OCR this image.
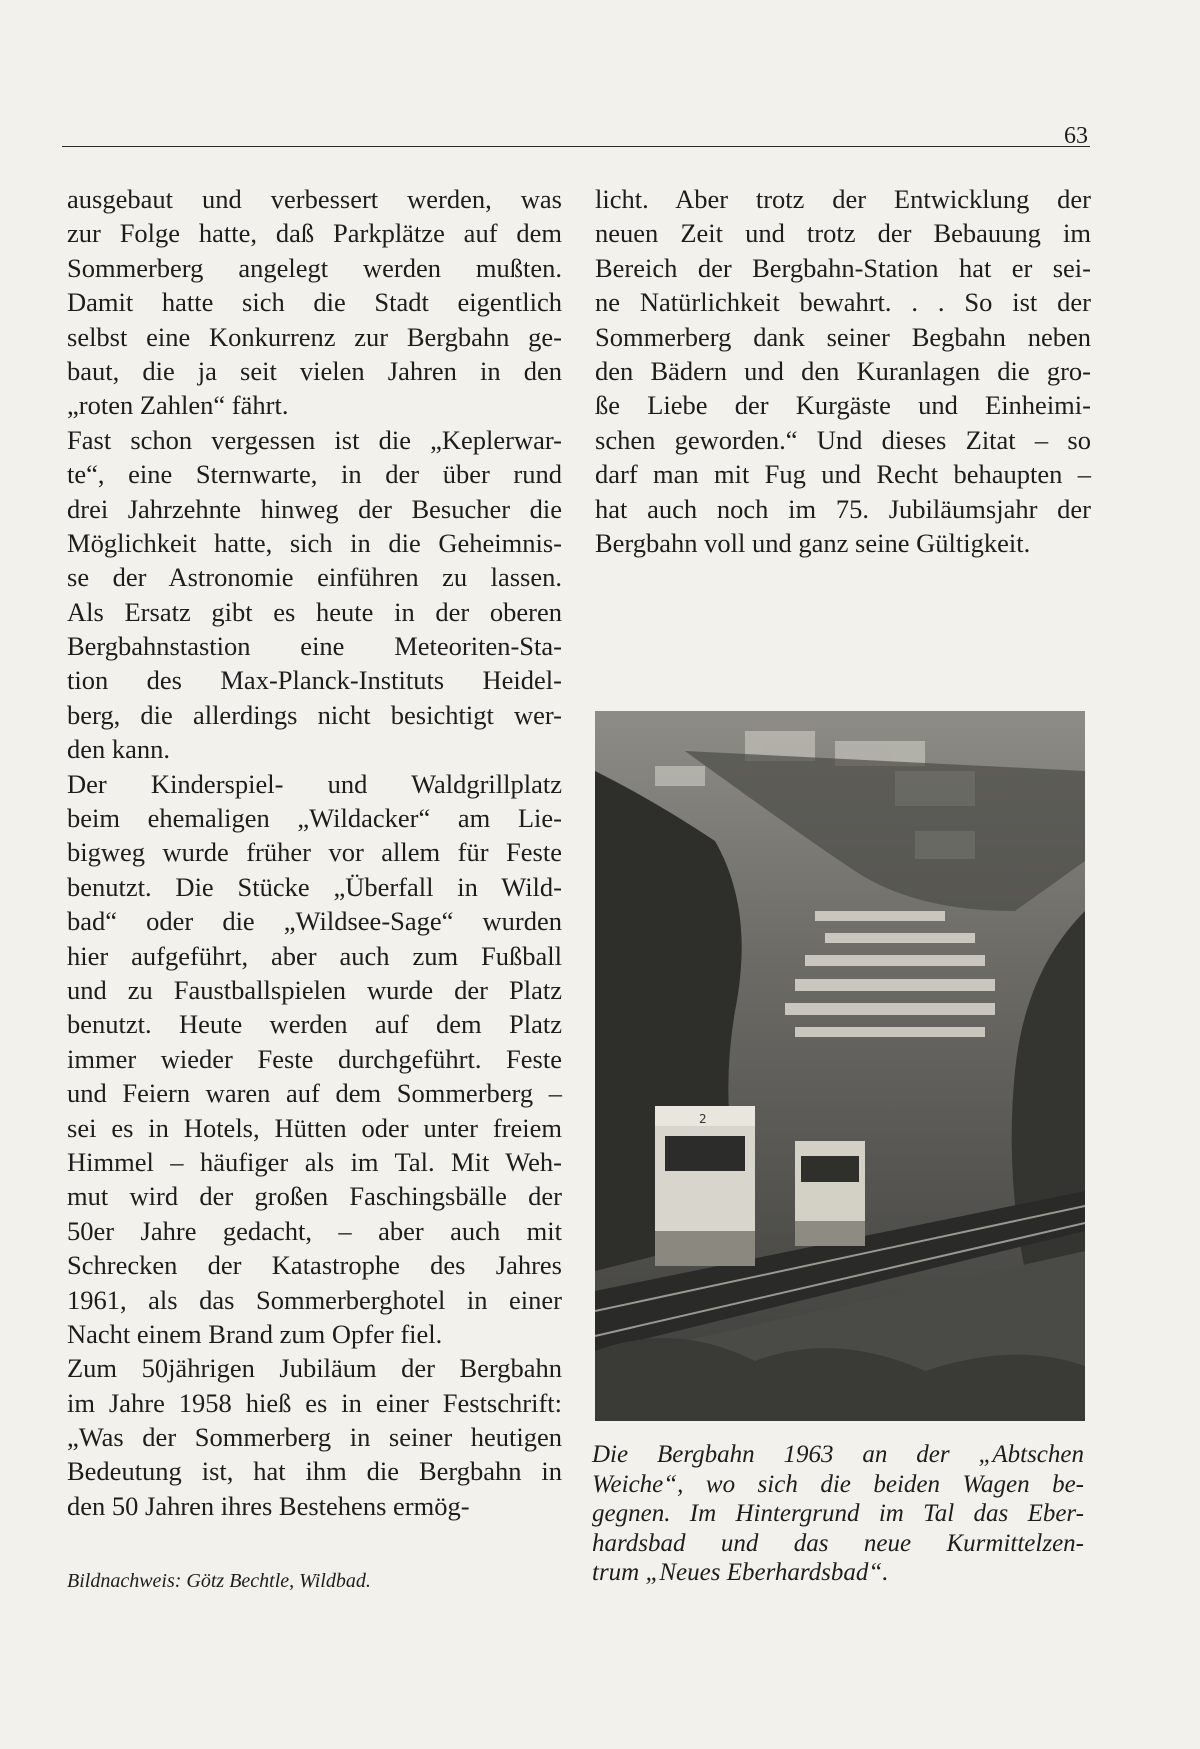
63
ausgebaut und verbessert werden, was
zur Folge hatte, daß Parkplätze auf dem
Sommerberg angelegt werden mußten.
Damit hatte sich die Stadt eigentlich
selbst eine Konkurrenz zur Bergbahn ge-
baut, die ja seit vielen Jahren in den
„roten Zahlen“ fährt.
Fast schon vergessen ist die „Keplerwar-
te“, eine Sternwarte, in der über rund
drei Jahrzehnte hinweg der Besucher die
Möglichkeit hatte, sich in die Geheimnis-
se der Astronomie einführen zu lassen.
Als Ersatz gibt es heute in der oberen
Bergbahnstastion eine Meteoriten-Sta-
tion des Max-Planck-Instituts Heidel-
berg, die allerdings nicht besichtigt wer-
den kann.
Der Kinderspiel- und Waldgrillplatz
beim ehemaligen „Wildacker“ am Lie-
bigweg wurde früher vor allem für Feste
benutzt. Die Stücke „Überfall in Wild-
bad“ oder die „Wildsee-Sage“ wurden
hier aufgeführt, aber auch zum Fußball
und zu Faustballspielen wurde der Platz
benutzt. Heute werden auf dem Platz
immer wieder Feste durchgeführt. Feste
und Feiern waren auf dem Sommerberg –
sei es in Hotels, Hütten oder unter freiem
Himmel – häufiger als im Tal. Mit Weh-
mut wird der großen Faschingsbälle der
50er Jahre gedacht, – aber auch mit
Schrecken der Katastrophe des Jahres
1961, als das Sommerberghotel in einer
Nacht einem Brand zum Opfer fiel.
Zum 50jährigen Jubiläum der Bergbahn
im Jahre 1958 hieß es in einer Festschrift:
„Was der Sommerberg in seiner heutigen
Bedeutung ist, hat ihm die Bergbahn in
den 50 Jahren ihres Bestehens ermög-
licht. Aber trotz der Entwicklung der
neuen Zeit und trotz der Bebauung im
Bereich der Bergbahn-Station hat er sei-
ne Natürlichkeit bewahrt. . . So ist der
Sommerberg dank seiner Begbahn neben
den Bädern und den Kuranlagen die gro-
ße Liebe der Kurgäste und Einheimi-
schen geworden.“ Und dieses Zitat – so
darf man mit Fug und Recht behaupten –
hat auch noch im 75. Jubiläumsjahr der
Bergbahn voll und ganz seine Gültigkeit.
2
Die Bergbahn 1963 an der „Abtschen
Weiche“, wo sich die beiden Wagen be-
gegnen. Im Hintergrund im Tal das Eber-
hardsbad und das neue Kurmittelzen-
trum „Neues Eberhardsbad“.
Bildnachweis: Götz Bechtle, Wildbad.
